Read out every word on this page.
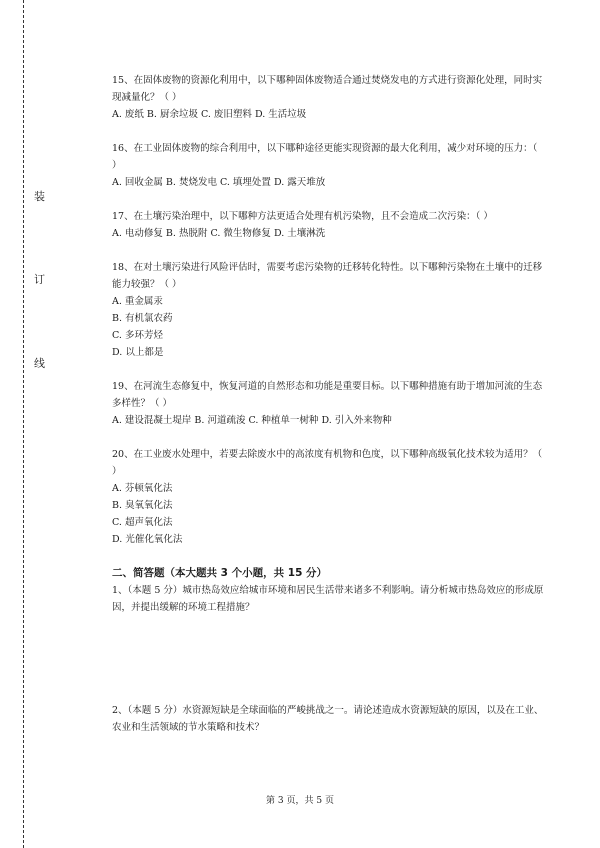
装
订
线

15、在固体废物的资源化利用中，以下哪种固体废物适合通过焚烧发电的方式进行资源化处理，同时实现减量化？（ ）

A. 废纸 B. 厨余垃圾 C. 废旧塑料 D. 生活垃圾

16、在工业固体废物的综合利用中，以下哪种途径更能实现资源的最大化利用，减少对环境的压力：（ ）

A. 回收金属 B. 焚烧发电 C. 填埋处置 D. 露天堆放

17、在土壤污染治理中，以下哪种方法更适合处理有机污染物，且不会造成二次污染：（ ）

A. 电动修复 B. 热脱附 C. 微生物修复 D. 土壤淋洗

18、在对土壤污染进行风险评估时，需要考虑污染物的迁移转化特性。以下哪种污染物在土壤中的迁移能力较强？（ ）

A. 重金属汞

B. 有机氯农药

C. 多环芳烃

D. 以上都是

19、在河流生态修复中，恢复河道的自然形态和功能是重要目标。以下哪种措施有助于增加河流的生态多样性？（ ）

A. 建设混凝土堤岸 B. 河道疏浚 C. 种植单一树种 D. 引入外来物种

20、在工业废水处理中，若要去除废水中的高浓度有机物和色度，以下哪种高级氧化技术较为适用？（ ）

A. 芬顿氧化法

B. 臭氧氧化法

C. 超声氧化法

D. 光催化氧化法

二、简答题（本大题共 3 个小题，共 15 分）

1、（本题 5 分）城市热岛效应给城市环境和居民生活带来诸多不利影响。请分析城市热岛效应的形成原因，并提出缓解的环境工程措施？

2、（本题 5 分）水资源短缺是全球面临的严峻挑战之一。请论述造成水资源短缺的原因，以及在工业、农业和生活领域的节水策略和技术？

第 3 页，共 5 页
